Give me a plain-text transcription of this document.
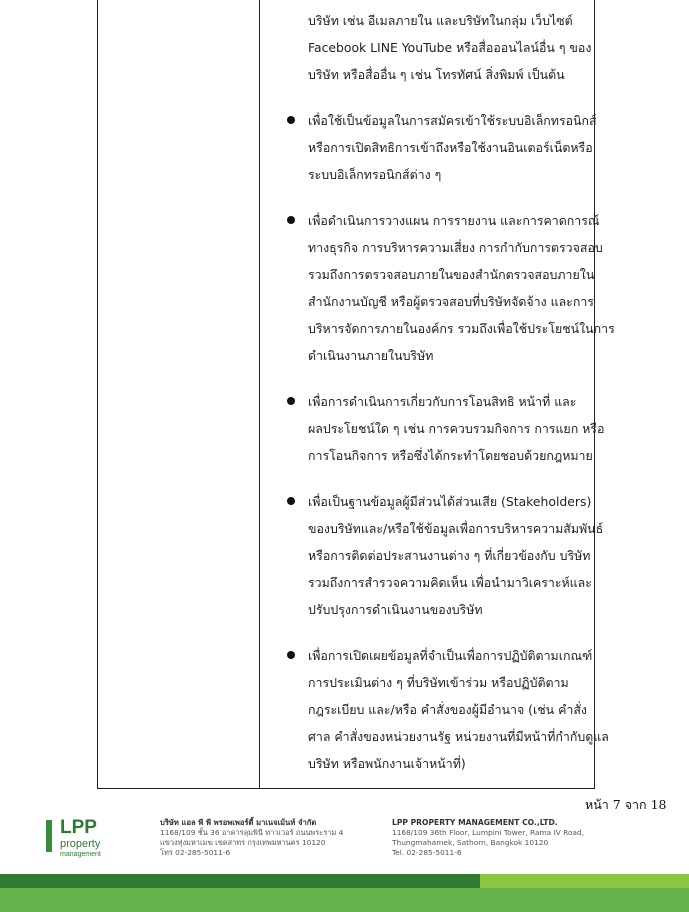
บริษัท เช่น อีเมลภายใน และบริษัทในกลุ่ม เว็บไซต์
Facebook LINE YouTube หรือสื่อออนไลน์อื่น ๆ ของ
บริษัท หรือสื่ออื่น ๆ เช่น โทรทัศน์ สิ่งพิมพ์ เป็นต้น
เพื่อใช้เป็นข้อมูลในการสมัครเข้าใช้ระบบอิเล็กทรอนิกส์
หรือการเปิดสิทธิการเข้าถึงหรือใช้งานอินเตอร์เน็ตหรือ
ระบบอิเล็กทรอนิกส์ต่าง ๆ
เพื่อดำเนินการวางแผน การรายงาน และการคาดการณ์
ทางธุรกิจ การบริหารความเสี่ยง การกำกับการตรวจสอบ
รวมถึงการตรวจสอบภายในของสำนักตรวจสอบภายใน
สำนักงานบัญชี หรือผู้ตรวจสอบที่บริษัทจัดจ้าง และการ
บริหารจัดการภายในองค์กร รวมถึงเพื่อใช้ประโยชน์ในการ
ดำเนินงานภายในบริษัท
เพื่อการดำเนินการเกี่ยวกับการโอนสิทธิ หน้าที่ และ
ผลประโยชน์ใด ๆ เช่น การควบรวมกิจการ การแยก หรือ
การโอนกิจการ หรือซึ่งได้กระทำโดยชอบด้วยกฎหมาย
เพื่อเป็นฐานข้อมูลผู้มีส่วนได้ส่วนเสีย (Stakeholders)
ของบริษัทและ/หรือใช้ข้อมูลเพื่อการบริหารความสัมพันธ์
หรือการติดต่อประสานงานต่าง ๆ ที่เกี่ยวข้องกับ บริษัท
รวมถึงการสำรวจความคิดเห็น เพื่อนำมาวิเคราะห์และ
ปรับปรุงการดำเนินงานของบริษัท
เพื่อการเปิดเผยข้อมูลที่จำเป็นเพื่อการปฏิบัติตามเกณฑ์
การประเมินต่าง ๆ ที่บริษัทเข้าร่วม หรือปฏิบัติตาม
กฎระเบียบ และ/หรือ คำสั่งของผู้มีอำนาจ (เช่น คำสั่ง
ศาล คำสั่งของหน่วยงานรัฐ หน่วยงานที่มีหน้าที่กำกับดูแล
บริษัท หรือพนักงานเจ้าหน้าที่)
หน้า 7 จาก 18
LPP
property
management
บริษัท แอล พี พี พรอพเพอร์ตี้ มาเนจเม้นท์ จำกัด
1168/109 ชั้น 36 อาคารลุมพินี ทาวเวอร์ ถนนพระราม 4
แขวงทุ่งมหาเมฆ เขตสาทร กรุงเทพมหานคร 10120
โทร 02-285-5011-6
LPP PROPERTY MANAGEMENT CO.,LTD.
1168/109 36th Floor, Lumpini Tower, Rama IV Road,
Thungmahamek, Sathorn, Bangkok 10120
Tel. 02-285-5011-6
